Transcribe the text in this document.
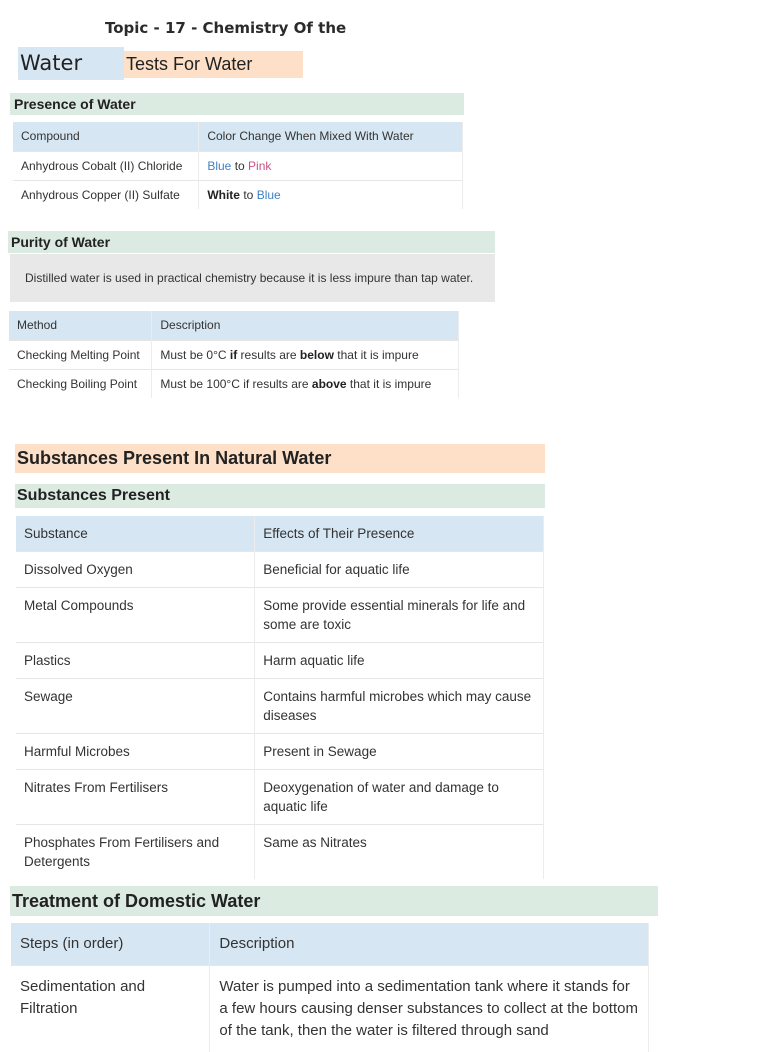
Topic - 17 - Chemistry Of the
Water	Tests For Water
Presence of Water
Compound	Color Change When Mixed With Water
Anhydrous Cobalt (II) Chloride	Blue to Pink
Anhydrous Copper (II) Sulfate	White to Blue
Purity of Water
Distilled water is used in practical chemistry because it is less impure than tap water.
Method	Description
Checking Melting Point	Must be 0°C if results are below that it is impure
Checking Boiling Point	Must be 100°C if results are above that it is impure
Substances Present In Natural Water
Substances Present
Substance	Effects of Their Presence
Dissolved Oxygen	Beneficial for aquatic life
Metal Compounds	Some provide essential minerals for life and some are toxic
Plastics	Harm aquatic life
Sewage	Contains harmful microbes which may cause diseases
Harmful Microbes	Present in Sewage
Nitrates From Fertilisers	Deoxygenation of water and damage to aquatic life
Phosphates From Fertilisers and Detergents	Same as Nitrates
Treatment of Domestic Water
Steps (in order)	Description
Sedimentation and Filtration	Water is pumped into a sedimentation tank where it stands for a few hours causing denser substances to collect at the bottom of the tank, then the water is filtered through sand
